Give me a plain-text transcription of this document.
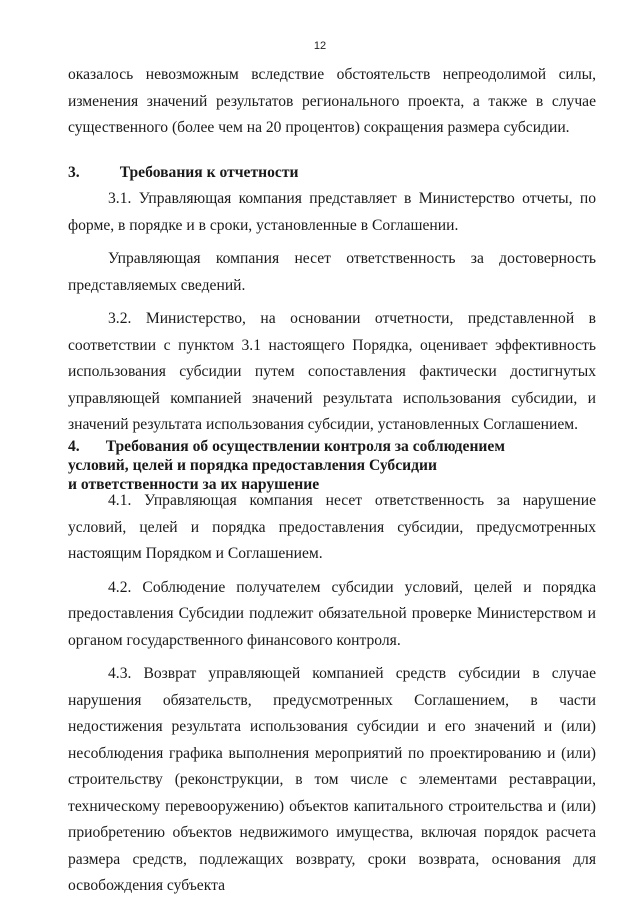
12

оказалось невозможным вследствие обстоятельств непреодолимой силы, изменения значений результатов регионального проекта, а также в случае существенного (более чем на 20 процентов) сокращения размера субсидии.

3.	Требования к отчетности

3.1. Управляющая компания представляет в Министерство отчеты, по форме, в порядке и в сроки, установленные в Соглашении.

Управляющая компания несет ответственность за достоверность представляемых сведений.

3.2. Министерство, на основании отчетности, представленной в соответствии с пунктом 3.1 настоящего Порядка, оценивает эффективность использования субсидии путем сопоставления фактически достигнутых управляющей компанией значений результата использования субсидии, и значений результата использования субсидии, установленных Соглашением.

4. Требования об осуществлении контроля за соблюдением

условий, целей и порядка предоставления Субсидии

и ответственности за их нарушение

4.1. Управляющая компания несет ответственность за нарушение условий, целей и порядка предоставления субсидии, предусмотренных настоящим Порядком и Соглашением.

4.2. Соблюдение получателем субсидии условий, целей и порядка предоставления Субсидии подлежит обязательной проверке Министерством и органом государственного финансового контроля.

4.3. Возврат управляющей компанией средств субсидии в случае нарушения обязательств, предусмотренных Соглашением, в части недостижения результата использования субсидии и его значений и (или) несоблюдения графика выполнения мероприятий по проектированию и (или) строительству (реконструкции, в том числе с элементами реставрации, техническому перевооружению) объектов капитального строительства и (или) приобретению объектов недвижимого имущества, включая порядок расчета размера средств, подлежащих возврату, сроки возврата, основания для освобождения субъекта
